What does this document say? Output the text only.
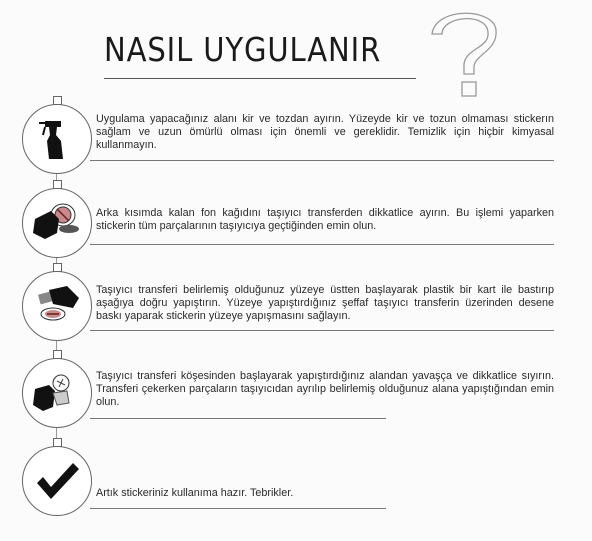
NASIL UYGULANIR
Uygulama yapacağınız alanı kir ve tozdan ayırın. Yüzeyde kir ve tozun olmaması stickerın sağlam ve uzun ömürlü olması için önemli ve gereklidir. Temizlik için hiçbir kimyasal kullanmayın.
Arka kısımda kalan fon kağıdını taşıyıcı transferden dikkatlice ayırın. Bu işlemi yaparken stickerin tüm parçalarının taşıyıcıya geçtiğinden emin olun.
Taşıyıcı transferi belirlemiş olduğunuz yüzeye üstten başlayarak plastik bir kart ile bastırıp aşağıya doğru yapıştırın. Yüzeye yapıştırdığınız şeffaf taşıyıcı transferin üzerinden desene baskı yaparak stickerin yüzeye yapışmasını sağlayın.
Taşıyıcı transferi köşesinden başlayarak yapıştırdığınız alandan yavaşça ve dikkatlice sıyırın. Transferi çekerken parçaların taşıyıcıdan ayrılıp belirlemiş olduğunuz alana yapıştığından emin olun.
Artık stickeriniz kullanıma hazır. Tebrikler.
